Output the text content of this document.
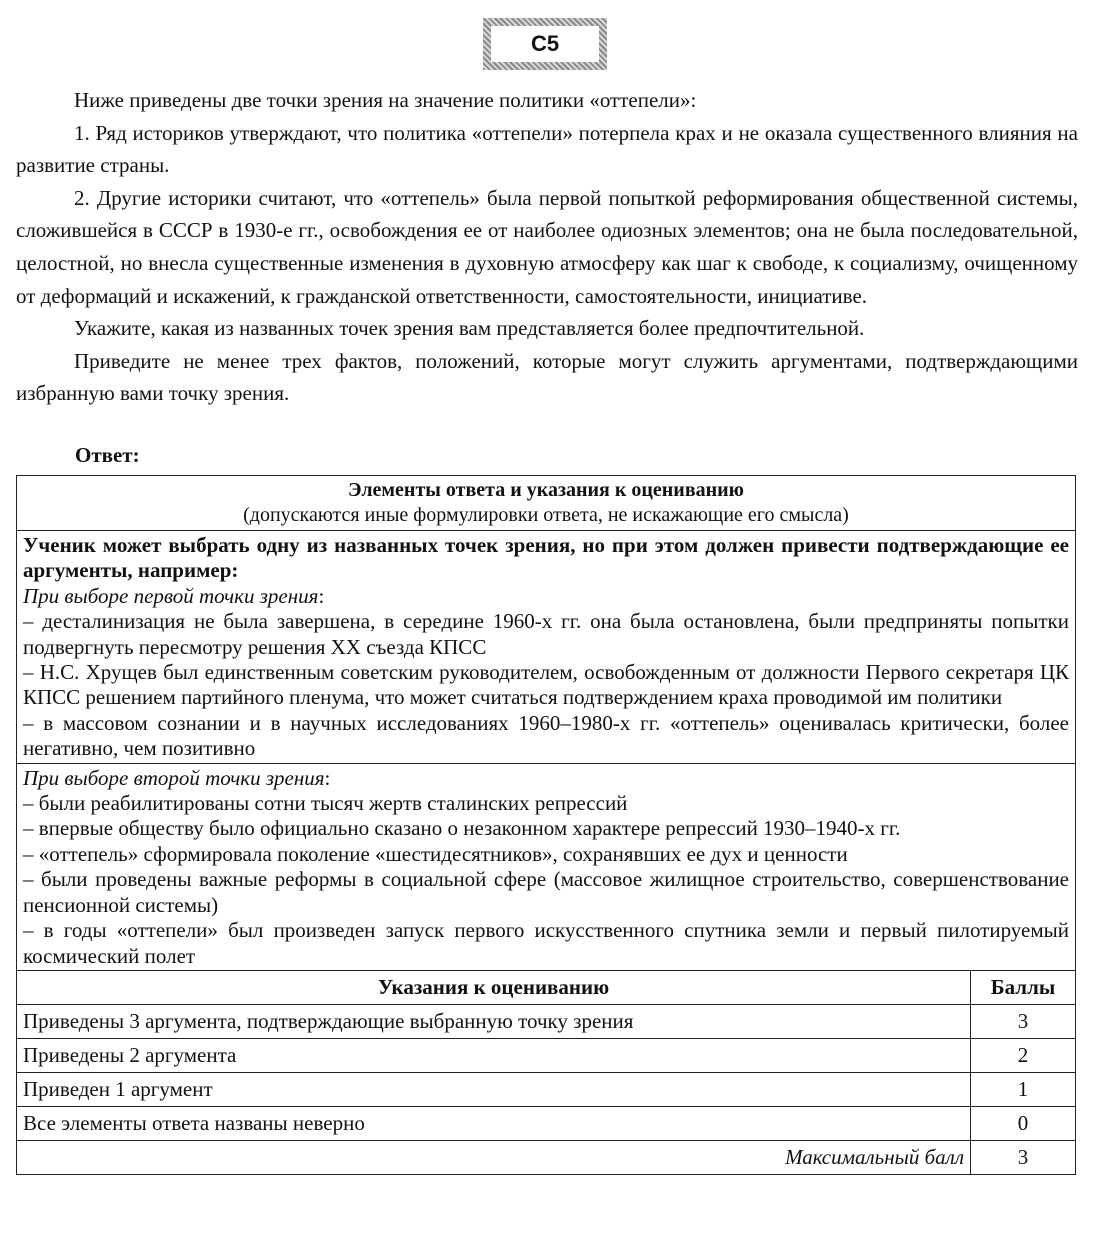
С5

Ниже приведены две точки зрения на значение политики «оттепели»:

1. Ряд историков утверждают, что политика «оттепели» потерпела крах и не оказала существенного влияния на развитие страны.

2. Другие историки считают, что «оттепель» была первой попыткой реформирования общественной системы, сложившейся в СССР в 1930-е гг., освобождения ее от наиболее одиозных элементов; она не была последовательной, целостной, но внесла существенные изменения в духовную атмосферу как шаг к свободе, к социализму, очищенному от деформаций и искажений, к гражданской ответственности, самостоятельности, инициативе.

Укажите, какая из названных точек зрения вам представляется более предпочтительной.

Приведите не менее трех фактов, положений, которые могут служить аргументами, подтверждающими избранную вами точку зрения.

Ответ:
Элементы ответа и указания к оцениванию
(допускаются иные формулировки ответа, не искажающие его смысла)
Ученик может выбрать одну из названных точек зрения, но при этом должен привести подтверждающие ее аргументы, например:
При выборе первой точки зрения:
– десталинизация не была завершена, в середине 1960-х гг. она была остановлена, были предприняты попытки подвергнуть пересмотру решения ХХ съезда КПСС
– Н.С. Хрущев был единственным советским руководителем, освобожденным от должности Первого секретаря ЦК КПСС решением партийного пленума, что может считаться подтверждением краха проводимой им политики
– в массовом сознании и в научных исследованиях 1960–1980-х гг. «оттепель» оценивалась критически, более негативно, чем позитивно
При выборе второй точки зрения:
– были реабилитированы сотни тысяч жертв сталинских репрессий
– впервые обществу было официально сказано о незаконном характере репрессий 1930–1940-х гг.
– «оттепель» сформировала поколение «шестидесятников», сохранявших ее дух и ценности
– были проведены важные реформы в социальной сфере (массовое жилищное строительство, совершенствование пенсионной системы)
– в годы «оттепели» был произведен запуск первого искусственного спутника земли и первый пилотируемый космический полет
Указания к оцениванию	Баллы
Приведены 3 аргумента, подтверждающие выбранную точку зрения	3
Приведены 2 аргумента	2
Приведен 1 аргумент	1
Все элементы ответа названы неверно	0
Максимальный балл	3
